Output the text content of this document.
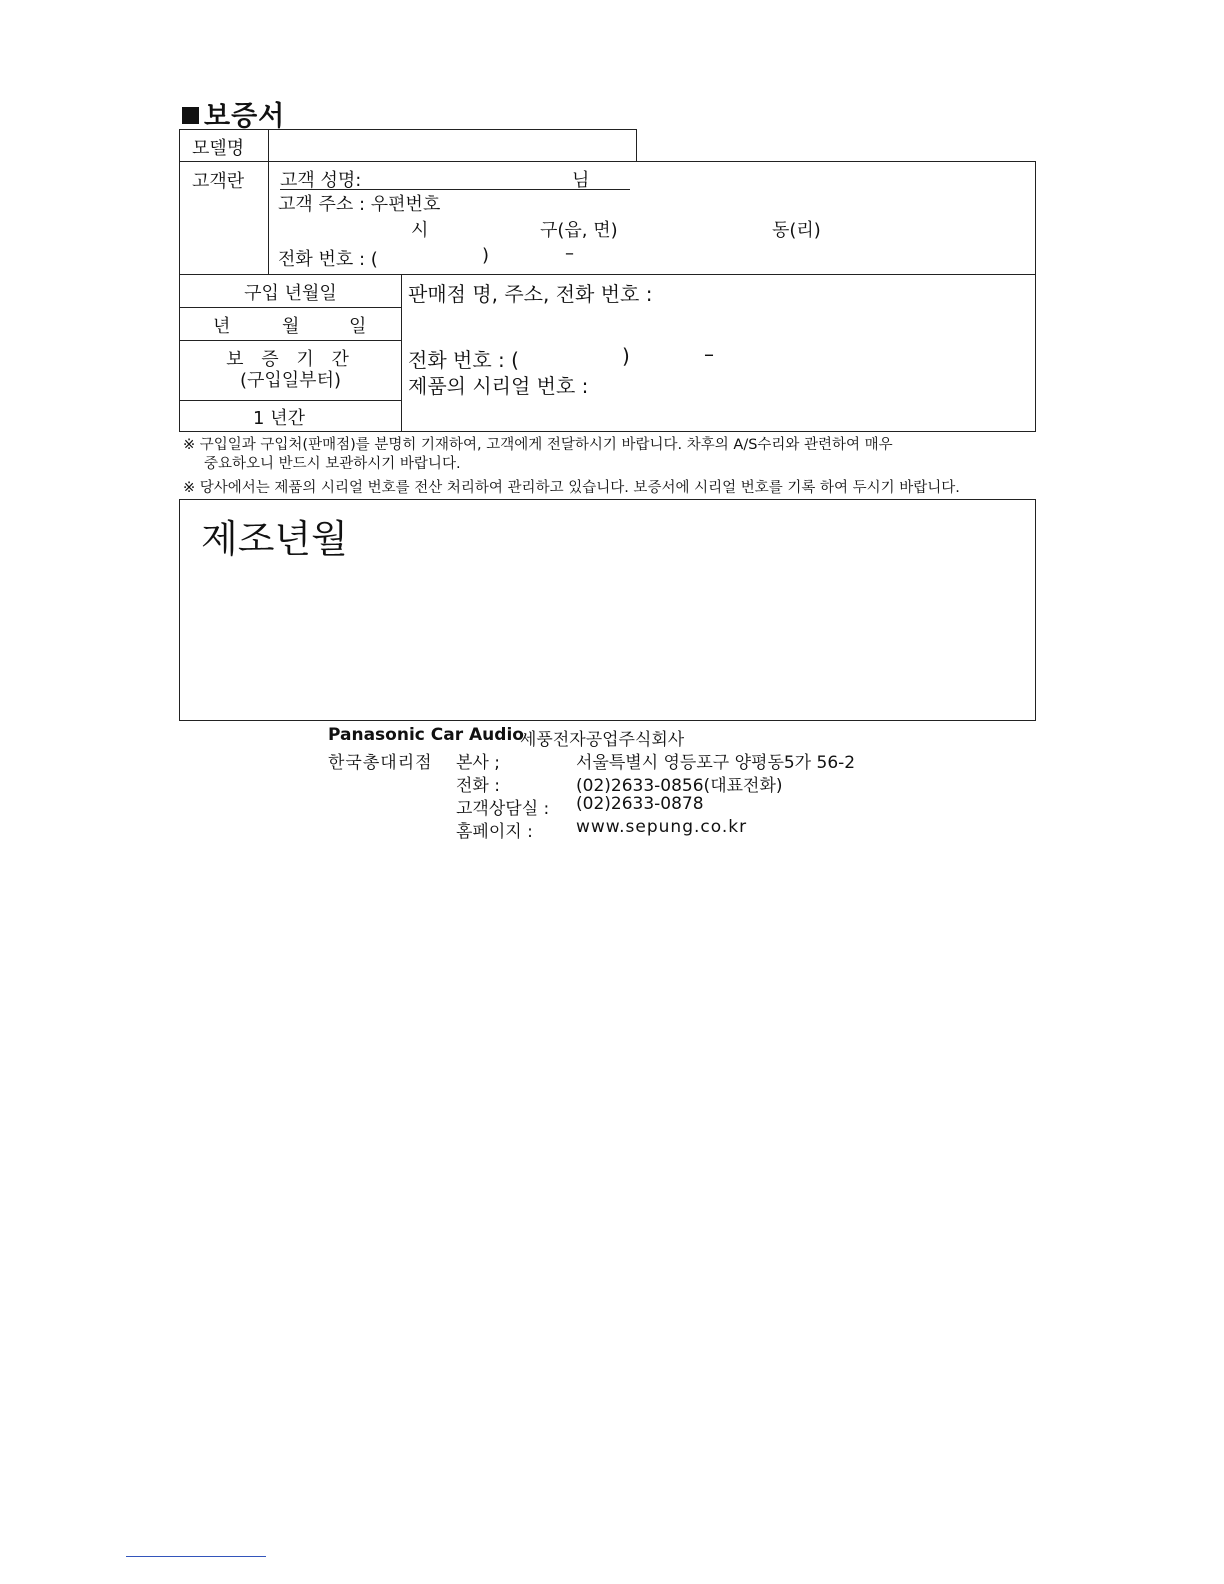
보증서
모델명
고객란 고객 성명:	님
고객 주소 : 우편번호
시	구(읍, 면)	동(리)
전화 번호 : (	)	–
구입 년월일
년	월	일
보 증 기 간
(구입일부터)
1 년간
판매점 명, 주소, 전화 번호 :
전화 번호 : (	)	–
제품의 시리얼 번호 :
※ 구입일과 구입처(판매점)를 분명히 기재하여, 고객에게 전달하시기 바랍니다. 차후의 A/S수리와 관련하여 매우
중요하오니 반드시 보관하시기 바랍니다.
※ 당사에서는 제품의 시리얼 번호를 전산 처리하여 관리하고 있습니다. 보증서에 시리얼 번호를 기록 하여 두시기 바랍니다.
제조년월
Panasonic Car Audio
세풍전자공업주식회사
한국총대리점 본사 ;	서울특별시 영등포구 양평동5가 56-2
전화 :	(02)2633-0856(대표전화)
고객상담실 : (02)2633-0878
홈페이지 :	www.sepung.co.kr
